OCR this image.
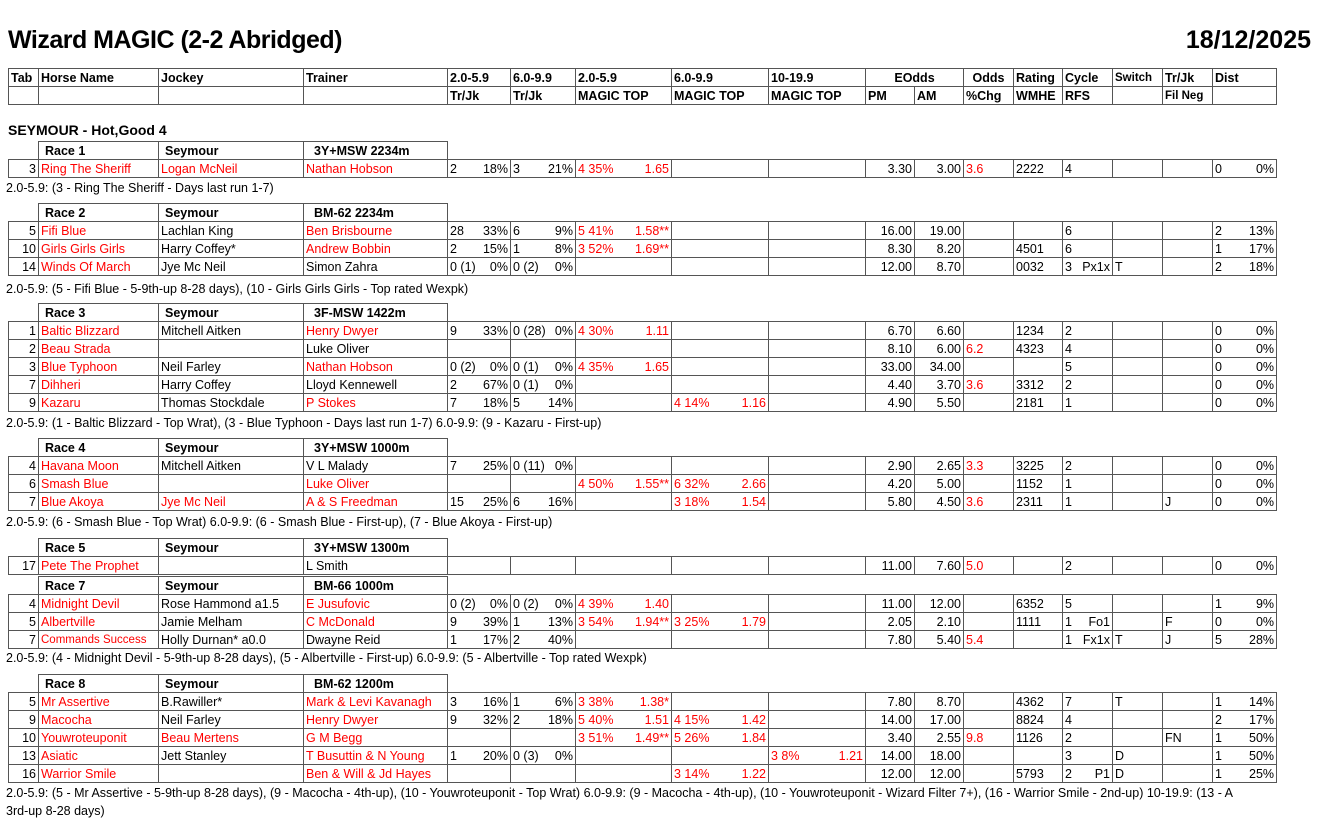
Wizard MAGIC (2-2 Abridged)	18/12/2025
Tab	Horse Name	Jockey	Trainer	2.0-5.9	6.0-9.9	2.0-5.9	6.0-9.9	10-19.9	EOdds		Odds	Rating	Cycle	Switch	Tr/Jk	Dist
				Tr/Jk	Tr/Jk	MAGIC TOP	MAGIC TOP	MAGIC TOP	PM	AM	%Chg	WMHE	RFS		Fil Neg	
SEYMOUR - Hot,Good 4
	Race 1	Seymour	3Y+MSW 2234m													
3	Ring The Sheriff	Logan McNeil	Nathan Hobson	2 18%	3 21%	4 35% 1.65			3.30	3.00	3.6	2222	4			0 0%
2.0-5.9: (3 - Ring The Sheriff - Days last run 1-7)
	Race 2	Seymour	BM-62 2234m													
5	Fifi Blue	Lachlan King	Ben Brisbourne	28 33%	6 9%	5 41% 1.58**			16.00	19.00			6			2 13%

10	Girls Girls Girls	Harry Coffey*	Andrew Bobbin	2 15%	1 8%	3 52% 1.69**			8.30	8.20		4501	6			1 17%

14	Winds Of March	Jye Mc Neil	Simon Zahra	0 (1) 0%	0 (2) 0%				12.00	8.70		0032	3 Px1x	T		2 18%
2.0-5.9: (5 - Fifi Blue - 5-9th-up 8-28 days), (10 - Girls Girls Girls - Top rated Wexpk)
	Race 3	Seymour	3F-MSW 1422m													
1	Baltic Blizzard	Mitchell Aitken	Henry Dwyer	9 33%	0 (28) 0%	4 30% 1.11			6.70	6.60		1234	2			0 0%

2	Beau Strada		Luke Oliver						8.10	6.00	6.2	4323	4			0 0%

3	Blue Typhoon	Neil Farley	Nathan Hobson	0 (2) 0%	0 (1) 0%	4 35% 1.65			33.00	34.00			5			0 0%

7	Dihheri	Harry Coffey	Lloyd Kennewell	2 67%	0 (1) 0%				4.40	3.70	3.6	3312	2			0 0%

9	Kazaru	Thomas Stockdale	P Stokes	7 18%	5 14%		4 14% 1.16		4.90	5.50		2181	1			0 0%
2.0-5.9: (1 - Baltic Blizzard - Top Wrat), (3 - Blue Typhoon - Days last run 1-7) 6.0-9.9: (9 - Kazaru - First-up)
	Race 4	Seymour	3Y+MSW 1000m													
4	Havana Moon	Mitchell Aitken	V L Malady	7 25%	0 (11) 0%				2.90	2.65	3.3	3225	2			0 0%

6	Smash Blue		Luke Oliver			4 50% 1.55**	6 32% 2.66		4.20	5.00		1152	1			0 0%

7	Blue Akoya	Jye Mc Neil	A & S Freedman	15 25%	6 16%		3 18% 1.54		5.80	4.50	3.6	2311	1		J	0 0%
2.0-5.9: (6 - Smash Blue - Top Wrat) 6.0-9.9: (6 - Smash Blue - First-up), (7 - Blue Akoya - First-up)
	Race 5	Seymour	3Y+MSW 1300m													
17	Pete The Prophet		L Smith						11.00	7.60	5.0		2			0 0%
	Race 7	Seymour	BM-66 1000m													
4	Midnight Devil	Rose Hammond a1.5	E Jusufovic	0 (2) 0%	0 (2) 0%	4 39% 1.40			11.00	12.00		6352	5			1 9%

5	Albertville	Jamie Melham	C McDonald	9 39%	1 13%	3 54% 1.94**	3 25% 1.79		2.05	2.10		1111	1 Fo1		F	0 0%

7	Commands Success	Holly Durnan* a0.0	Dwayne Reid	1 17%	2 40%				7.80	5.40	5.4		1 Fx1x	T	J	5 28%
2.0-5.9: (4 - Midnight Devil - 5-9th-up 8-28 days), (5 - Albertville - First-up) 6.0-9.9: (5 - Albertville - Top rated Wexpk)
	Race 8	Seymour	BM-62 1200m													
5	Mr Assertive	B.Rawiller*	Mark & Levi Kavanagh	3 16%	1 6%	3 38% 1.38*			7.80	8.70		4362	7	T		1 14%

9	Macocha	Neil Farley	Henry Dwyer	9 32%	2 18%	5 40% 1.51	4 15% 1.42		14.00	17.00		8824	4			2 17%

10	Youwroteuponit	Beau Mertens	G M Begg			3 51% 1.49**	5 26% 1.84		3.40	2.55	9.8	1126	2		FN	1 50%

13	Asiatic	Jett Stanley	T Busuttin & N Young	1 20%	0 (3) 0%			3 8% 1.21	14.00	18.00			3	D		1 50%

16	Warrior Smile		Ben & Will & Jd Hayes				3 14% 1.22		12.00	12.00		5793	2 P1	D		1 25%
2.0-5.9: (5 - Mr Assertive - 5-9th-up 8-28 days), (9 - Macocha - 4th-up), (10 - Youwroteuponit - Top Wrat) 6.0-9.9: (9 - Macocha - 4th-up), (10 - Youwroteuponit - Wizard Filter 7+), (16 - Warrior Smile - 2nd-up) 10-19.9: (13 - A
3rd-up 8-28 days)
